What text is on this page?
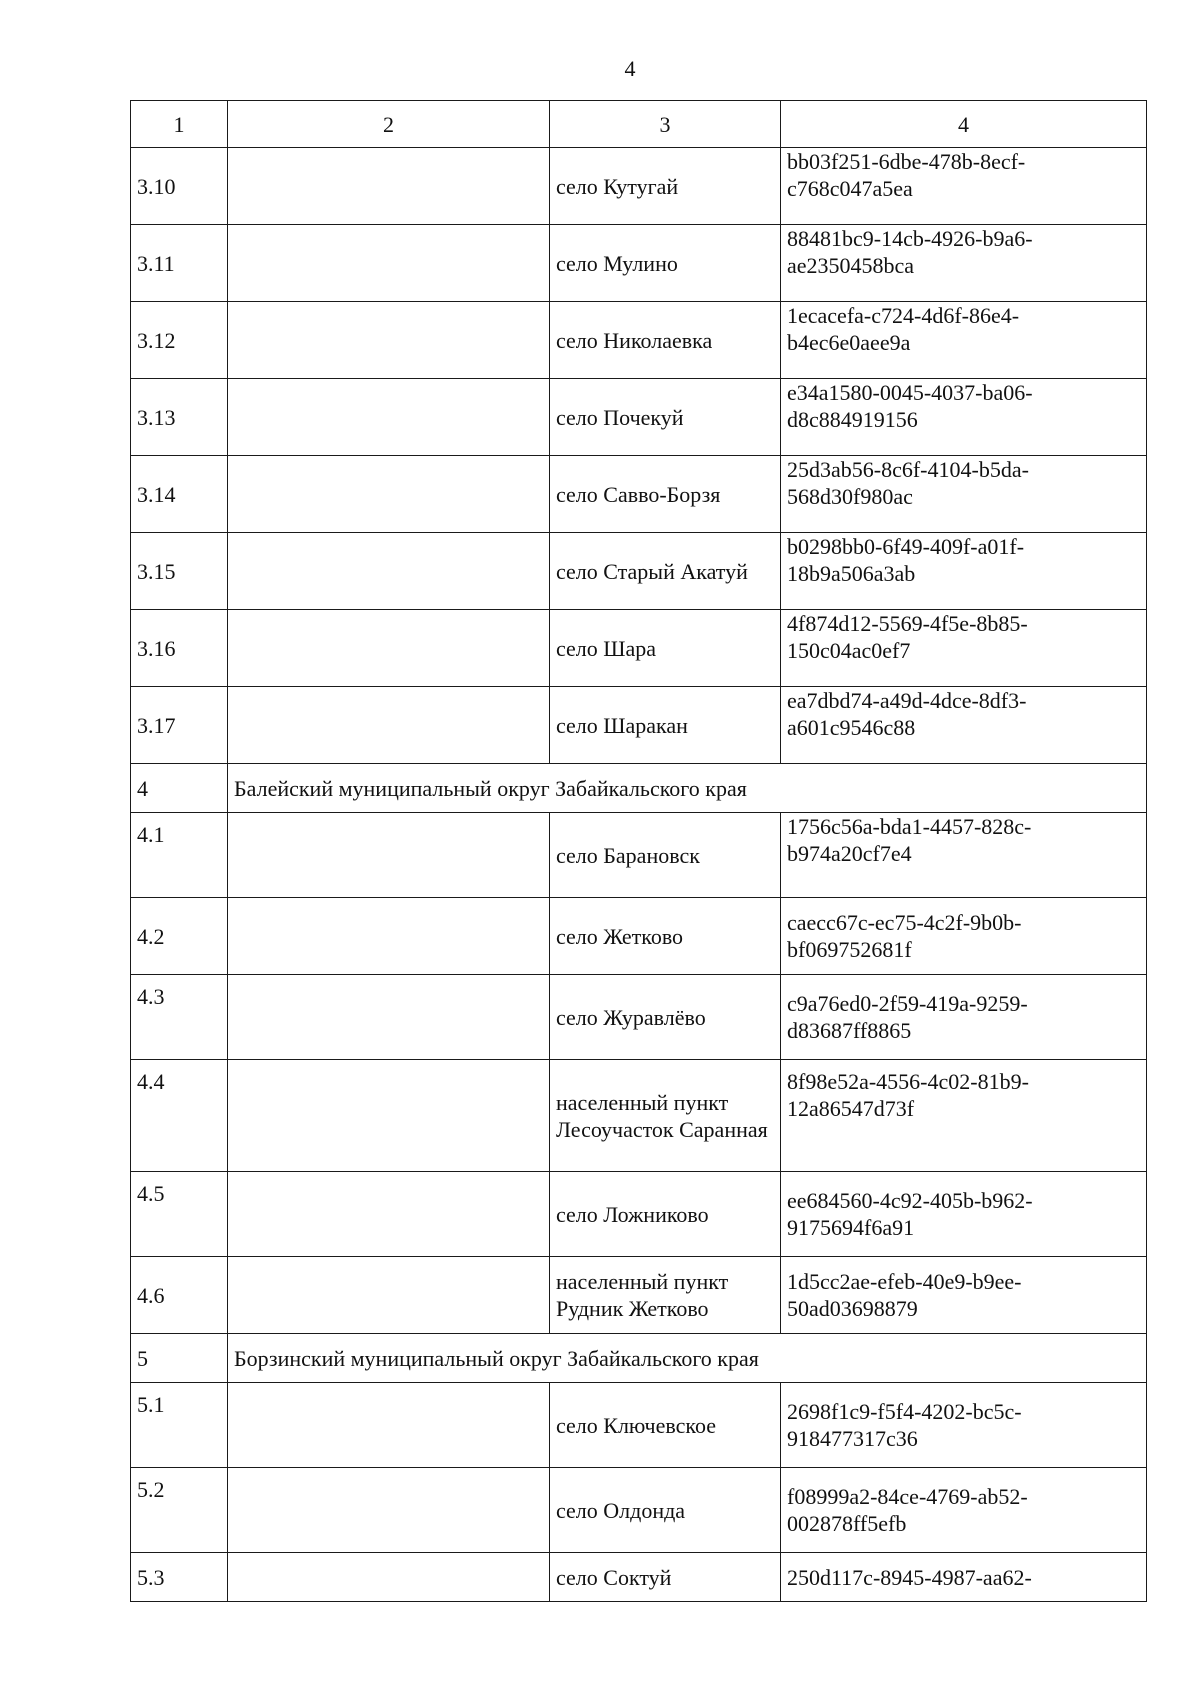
4
1	2	3	4
3.10		село Кутугай	bb03f251-6dbe-478b-8ecf-c768c047a5ea
3.11		село Мулино	88481bc9-14cb-4926-b9a6-ae2350458bca
3.12		село Николаевка	1ecacefa-c724-4d6f-86e4-b4ec6e0aee9a
3.13		село Почекуй	e34a1580-0045-4037-ba06-d8c884919156
3.14		село Савво-Борзя	25d3ab56-8c6f-4104-b5da-568d30f980ac
3.15		село Старый Акатуй	b0298bb0-6f49-409f-a01f-18b9a506a3ab
3.16		село Шара	4f874d12-5569-4f5e-8b85-150c04ac0ef7
3.17		село Шаракан	ea7dbd74-a49d-4dce-8df3-a601c9546c88
4	Балейский муниципальный округ Забайкальского края		
4.1		село Барановск	1756c56a-bda1-4457-828c-b974a20cf7e4
4.2		село Жетково	caecc67c-ec75-4c2f-9b0b-bf069752681f
4.3		село Журавлёво	c9a76ed0-2f59-419a-9259-d83687ff8865
4.4		населенный пункт Лесоучасток Саранная	8f98e52a-4556-4c02-81b9-12a86547d73f
4.5		село Ложниково	ee684560-4c92-405b-b962-9175694f6a91
4.6		населенный пункт Рудник Жетково	1d5cc2ae-efeb-40e9-b9ee-50ad03698879
5	Борзинский муниципальный округ Забайкальского края		
5.1		село Ключевское	2698f1c9-f5f4-4202-bc5c-918477317c36
5.2		село Олдонда	f08999a2-84ce-4769-ab52-002878ff5efb
5.3		село Соктуй	250d117c-8945-4987-aa62-
